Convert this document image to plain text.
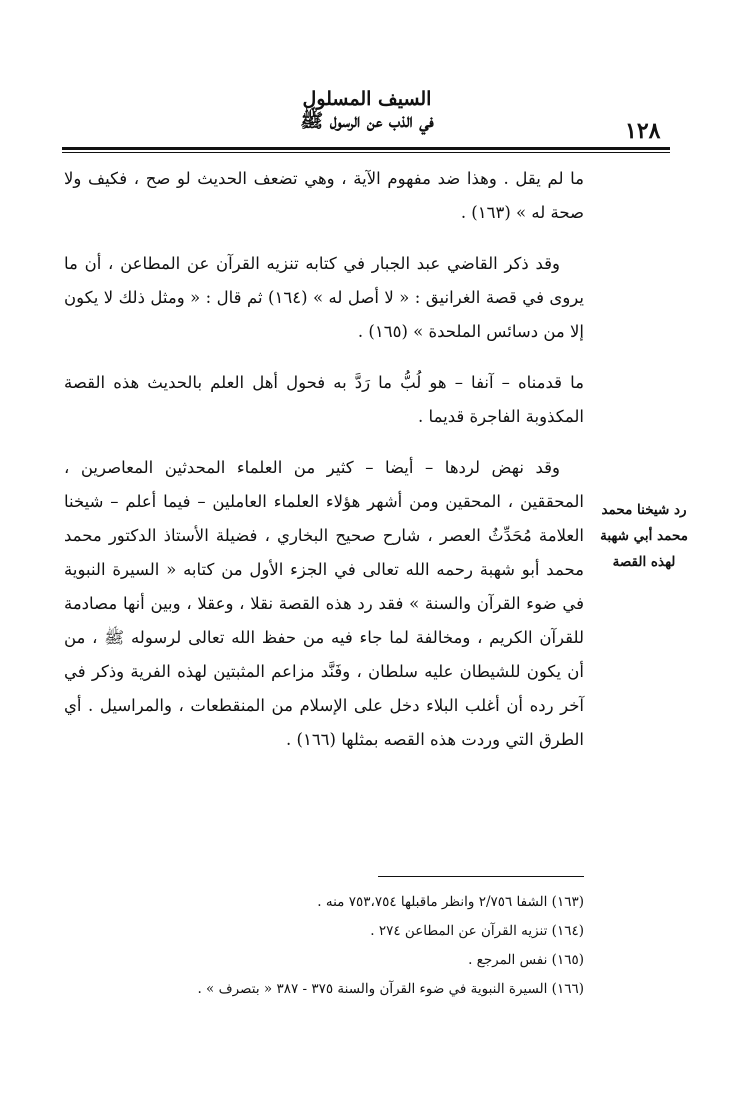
١٢٨
السيف المسلول
في الذب عن الرسول ﷺ

ما لم يقل . وهذا ضد مفهوم الآية ، وهي تضعف الحديث لو صح ، فكيف ولا صحة له » (١٦٣) .

وقد ذكر القاضي عبد الجبار في كتابه تنزيه القرآن عن المطاعن ، أن ما يروى في قصة الغرانيق : « لا أصل له » (١٦٤) ثم قال : « ومثل ذلك لا يكون إلا من دسائس الملحدة » (١٦٥) .

ما قدمناه – آنفا – هو لُبُّ ما رَدَّ به فحول أهل العلم بالحديث هذه القصة المكذوبة الفاجرة قديما .

وقد نهض لردها – أيضا – كثير من العلماء المحدثين المعاصرين ، المحققين ، المحقين ومن أشهر هؤلاء العلماء العاملين – فيما أعلم – شيخنا العلامة مُحَدِّثُ العصر ، شارح صحيح البخاري ، فضيلة الأستاذ الدكتور محمد محمد أبو شهبة رحمه الله تعالى في الجزء الأول من كتابه « السيرة النبوية في ضوء القرآن والسنة » فقد رد هذه القصة نقلا ، وعقلا ، وبين أنها مصادمة للقرآن الكريم ، ومخالفة لما جاء فيه من حفظ الله تعالى لرسوله ﷺ ، من أن يكون للشيطان عليه سلطان ، وفَنَّد مزاعم المثبتين لهذه الفرية وذكر في آخر رده أن أغلب البلاء دخل على الإسلام من المنقطعات ، والمراسيل . أي الطرق التي وردت هذه القصه بمثلها (١٦٦) .

رد شيخنا محمد محمد أبي شهبة لهذه القصة
(١٦٣) الشفا ٢/٧٥٦ وانظر ماقبلها ٧٥٣،٧٥٤ منه .
(١٦٤) تنزيه القرآن عن المطاعن ٢٧٤ .
(١٦٥) نفس المرجع .
(١٦٦) السيرة النبوية في ضوء القرآن والسنة ٣٧٥ - ٣٨٧ « بتصرف » .
